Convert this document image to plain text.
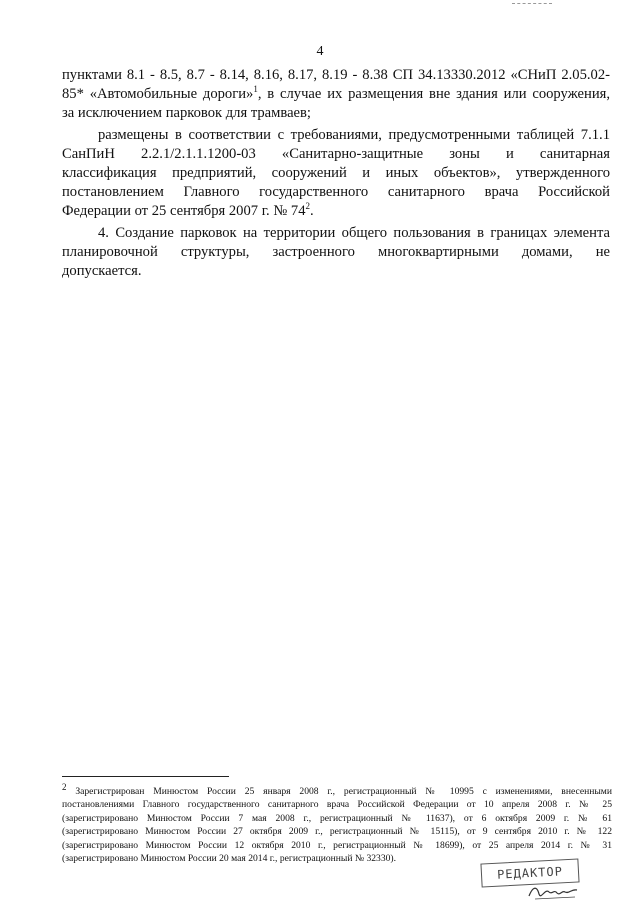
4

пунктами 8.1 - 8.5, 8.7 - 8.14, 8.16, 8.17, 8.19 - 8.38 СП 34.13330.2012 «СНиП 2.05.02-
85* «Автомобильные дороги»$^1$, в случае их размещения вне здания или сооружения,
за исключением парковок для трамваев;

размещены в соответствии с требованиями, предусмотренными таблицей 7.1.1
СанПиН 2.2.1/2.1.1.1200-03 «Санитарно-защитные зоны и санитарная
классификация предприятий, сооружений и иных объектов», утвержденного
постановлением Главного государственного санитарного врача Российской
Федерации от 25 сентября 2007 г. № $74^2$.

4. Создание парковок на территории общего пользования в границах элемента
планировочной структуры, застроенного многоквартирными домами, не
допускается.

$^2$ Зарегистрирован Минюстом России 25 января 2008 г., регистрационный № 10995 с изменениями, внесенными
постановлениями Главного государственного санитарного врача Российской Федерации от 10 апреля 2008 г. № 25
(зарегистрировано Минюстом России 7 мая 2008 г., регистрационный № 11637), от 6 октября 2009 г. № 61
(зарегистрировано Минюстом России 27 октября 2009 г., регистрационный № 15115), от 9 сентября 2010 г. № 122
(зарегистрировано Минюстом России 12 октября 2010 г., регистрационный № 18699), от 25 апреля 2014 г. № 31
(зарегистрировано Минюстом России 20 мая 2014 г., регистрационный № 32330).
РЕДАКТОР
